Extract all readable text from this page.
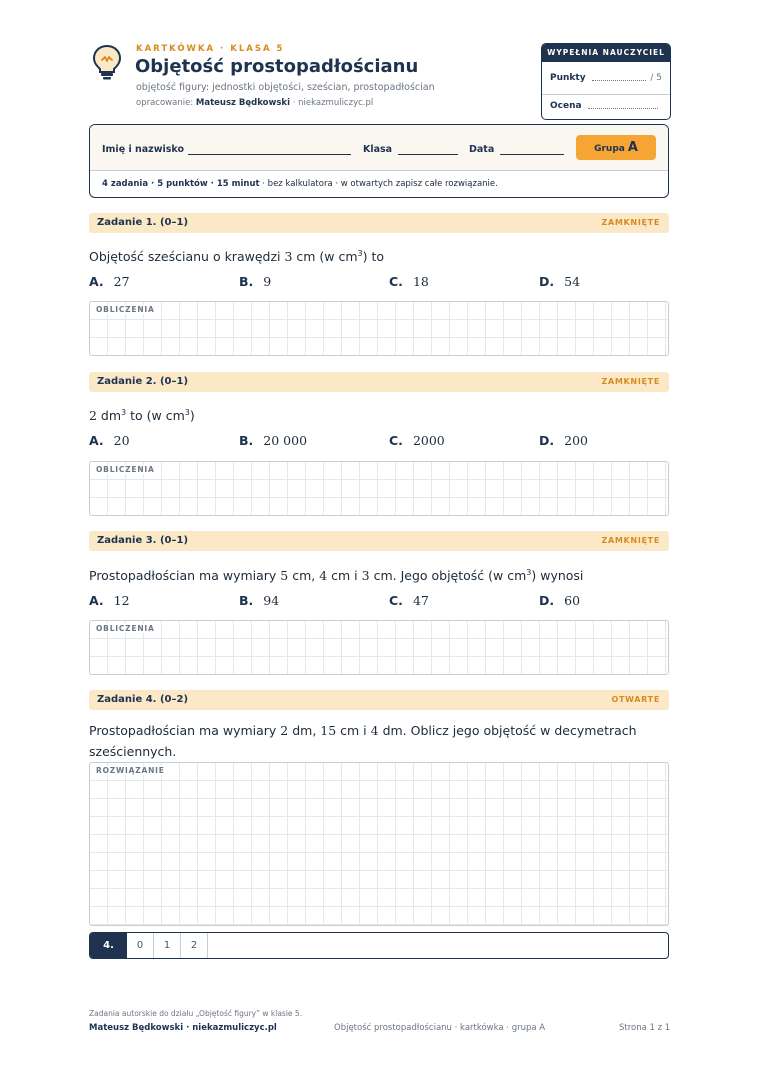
KARTKÓWKA · KLASA 5
Objętość prostopadłościanu
objętość figury: jednostki objętości, sześcian, prostopadłościan
opracowanie: Mateusz Będkowski · niekazmuliczyc.pl
WYPEŁNIA NAUCZYCIEL
Punkty	/ 5
Ocena
Imię i nazwisko	Klasa	Data	Grupa A
4 zadania · 5 punktów · 15 minut · bez kalkulatora · w otwartych zapisz całe rozwiązanie.
Zadanie 1. (0–1)	ZAMKNIĘTE
Objętość sześcianu o krawędzi 3 cm (w $cm^3$) to
A. 27	B. 9	C. 18	D. 54
OBLICZENIA
Zadanie 2. (0–1)	ZAMKNIĘTE
2 $dm^3$ to (w $cm^3$)
A. 20	B. 20 000	C. 2000	D. 200
OBLICZENIA
Zadanie 3. (0–1)	ZAMKNIĘTE
Prostopadłościan ma wymiary 5 cm, 4 cm i 3 cm. Jego objętość (w $cm^3$) wynosi
A. 12	B. 94	C. 47	D. 60
OBLICZENIA
Zadanie 4. (0–2)	OTWARTE
Prostopadłościan ma wymiary 2 dm, 15 cm i 4 dm. Oblicz jego objętość w decymetrach
sześciennych.
ROZWIĄZANIE
4.	0	1	2
Zadania autorskie do działu „Objętość figury” w klasie 5.
Mateusz Będkowski · niekazmuliczyc.pl	Objętość prostopadłościanu · kartkówka · grupa A	Strona 1 z 1
